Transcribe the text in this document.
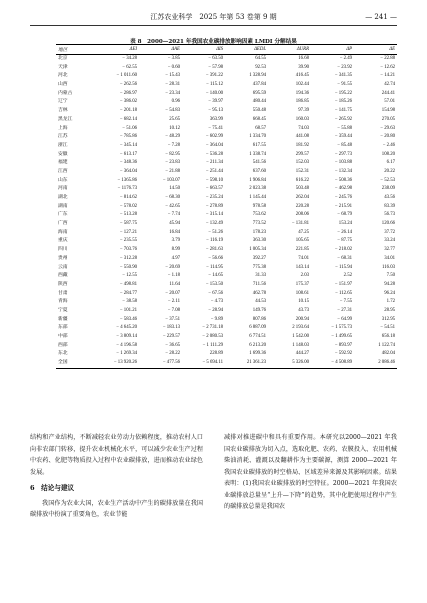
江苏农业科学　2025 年第 53 卷第 9 期	— 241 —
表 8　2000—2021 年我国农业碳排放影响因素 LMDI 分解结果
地区	ΔEI	ΔAE	ΔIS	ΔEDL	ΔURR	ΔP	ΔE
北京	− 34.28	− 3.85	− 63.50	64.55	16.68	− 2.49	− 22.88
天津	− 62.55	− 0.60	− 57.98	92.53	39.90	− 23.92	− 12.62
河北	− 1 011.60	− 15.43	− 391.22	1 328.94	416.45	− 341.35	− 14.21
山西	− 262.56	− 28.31	− 115.12	437.84	102.44	− 91.55	42.74
内蒙古	− 286.97	− 23.34	− 140.00	695.59	194.36	− 195.22	244.41
辽宁	− 386.02	0.96	− 39.97	480.44	186.85	− 185.26	57.01
吉林	− 201.18	− 54.83	− 95.13	550.48	97.39	− 141.75	154.98
黑龙江	− 682.14	25.65	363.99	668.45	160.03	− 265.92	270.05
上海	− 51.06	10.12	− 75.41	68.57	74.03	− 55.88	− 29.63
江苏	− 785.86	− 48.29	− 602.99	1 334.70	441.08	− 359.44	− 20.80
浙江	− 345.14	− 7.28	− 364.04	617.55	181.92	− 85.48	− 2.46
安徽	− 613.17	− 82.95	− 536.28	1 338.74	299.57	− 297.73	108.20
福建	− 348.36	− 23.83	− 211.34	541.56	152.03	− 103.88	6.17
江西	− 364.04	− 21.88	− 251.44	637.60	152.31	− 132.34	20.22
山东	− 1365.86	− 103.07	− 598.10	1 906.84	616.22	− 508.36	− 52.53
河南	− 1176.73	14.50	− 663.57	2 023.38	503.48	− 462.98	238.09
湖北	− 814.62	− 68.30	− 235.24	1 145.44	262.04	− 245.76	43.56
湖南	− 578.02	− 42.65	− 278.89	978.58	220.28	− 215.91	83.39
广东	− 513.28	− 7.74	− 315.14	753.62	208.06	− 68.79	56.73
广西	− 587.75	45.94	− 132.49	773.52	− 131.81	153.24	120.66
海南	− 127.21	16.84	− 51.26	178.23	47.25	− 26.14	37.72
重庆	− 235.55	3.79	− 116.19	363.30	105.65	− 87.75	33.24
四川	− 703.76	8.99	− 281.63	1 005.34	221.85	− 218.02	32.77
贵州	− 312.28	4.97	− 56.66	392.27	74.01	− 68.31	34.01
云南	− 550.90	− 20.69	− 114.95	775.38	143.14	− 115.94	116.03
西藏	− 12.55	− 1.18	− 14.65	31.33	2.03	2.52	7.50
陕西	− 498.81	11.64	− 153.50	711.56	175.37	− 151.97	94.28
甘肃	− 284.77	− 20.07	− 67.56	462.78	108.61	− 112.65	96.24
青海	− 38.58	− 2.11	− 4.73	44.53	10.15	− 7.55	1.72
宁夏	− 101.21	− 7.08	− 28.94	149.76	43.73	− 27.31	28.95
新疆	− 583.46	− 37.51	− 9.89	807.86	200.94	− 64.99	312.95
东部	− 4 645.20	− 183.13	− 2 731.18	6 887.09	2 193.64	− 1 575.73	− 54.51
中部	− 3 809.14	− 229.57	− 2 080.53	6 774.51	1 542.00	− 1 499.65	656.18
西部	− 4 196.58	− 36.65	− 1 111.29	6 213.20	1 148.03	− 893.97	1 122.74
东北	− 1 269.34	− 28.22	228.89	1 699.36	444.27	− 592.92	482.04
全国	− 13 920.26	− 477.56	− 5 694.11	21 361.23	5 326.00	− 4 508.89	2 086.46

结构和产业结构，不断减轻农业劳动力依赖程度，推动农村人口向非农部门转移，提升农业机械化水平，可以减少农业生产过程中农药、化肥等物质投入过程中农业碳排放，进而推动农业绿色发展。

6　结论与建议

我国作为农业大国，农业生产活动中产生的碳排放量在我国碳排放中扮演了重要角色，农业节能

减排对推进碳中和具有重要作用。本研究以2000—2021 年我国农业碳排放为切入点，选取化肥、农药、农膜投入、农用机械柴油消耗、灌溉以及翻耕作为主要碳源，测算 2000—2021 年我国农业碳排放的时空格局、区域差异来源及其影响因素。结果表明：(1)我国农业碳排放的时空特征。2000—2021 年我国农业碳排放总量呈“上升—下降”的趋势，其中化肥使用过程中产生的碳排放总量是我国农
